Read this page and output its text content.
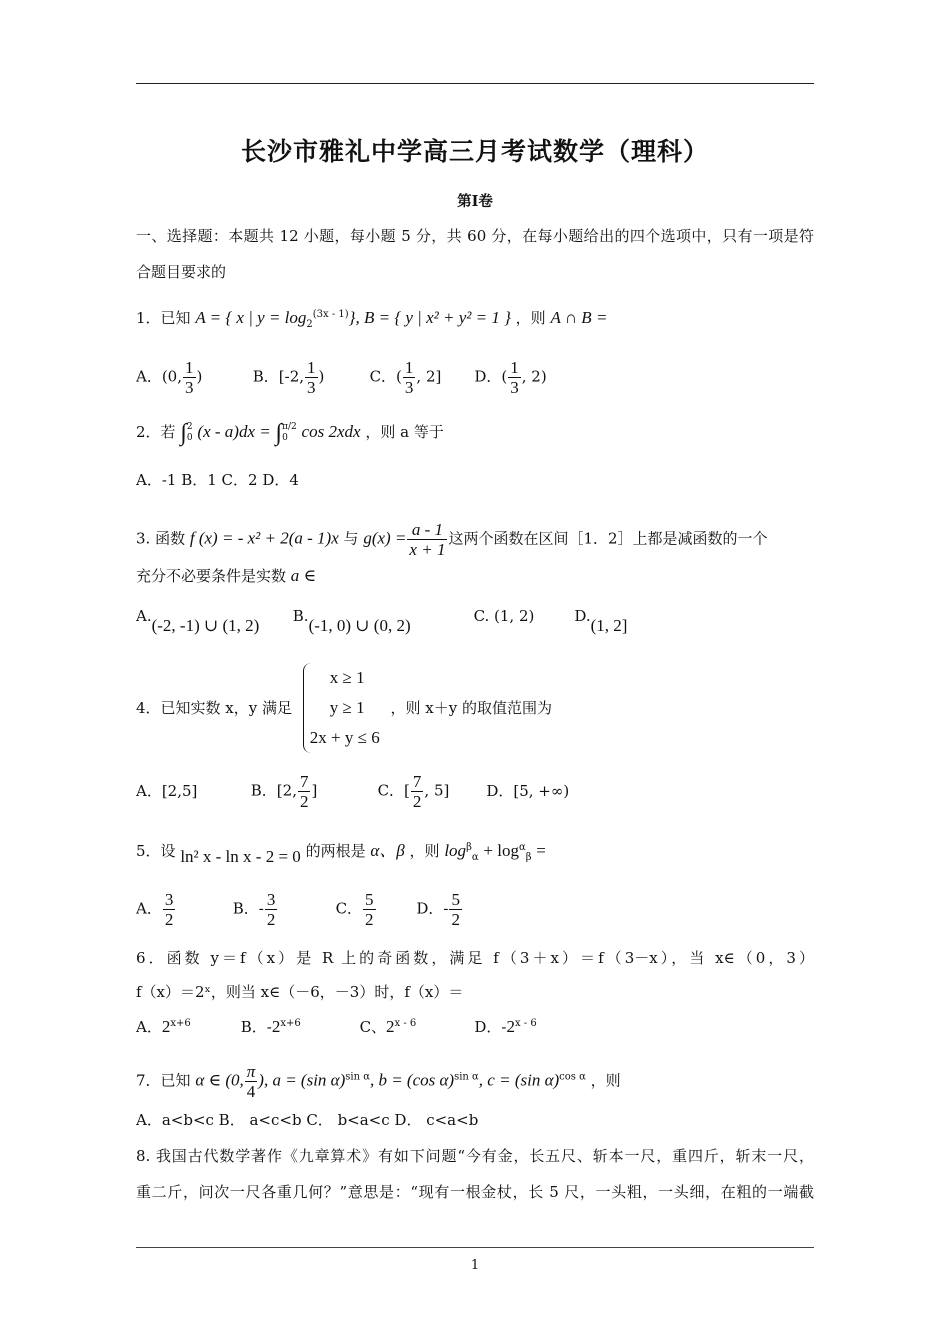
长沙市雅礼中学高三月考试数学（理科）
第Ⅰ卷
一、选择题：本题共 12 小题，每小题 5 分，共 60 分，在每小题给出的四个选项中，只有一项是符
合题目要求的
1．已知 A = { x | $y = \log_2^{(3x - 1)}$}, B = { y | x² + y² = 1 } ，则 A ∩ B =
A．(0, $\frac{1}{3}$ )	B．[-2, $\frac{1}{3}$ )	C．( $\frac{1}{3}$ , 2] D．( $\frac{1}{3}$ , 2)
2．若 ∫2
0 (x - a)dx = ∫π/2
0 cos 2xdx ，则 a 等于
A．-1 B．1 C．2 D．4
3. 函数 f (x) = - x² + 2(a - 1)x 与 $g(x) = \frac{a - 1}{x + 1}$ 这两个函数在区间［1．2］上都是减函数的一个
充分不必要条件是实数 a ∈
A.(-2, -1) ∪ (1, 2) B.(-1, 0) ∪ (0, 2)	C. (1, 2)	D.(1, 2]
4．已知实数 x，y 满足
x ≥ 1
y ≥ 1
2x + y ≤ 6
，则 x＋y 的取值范围为
A．[2,5]	B．[2, $\frac{7}{2}$ ]	C．[ $\frac{7}{2}$ , 5] D．[5, +∞)
5．设 ln² x - ln x - 2 = 0 的两根是 α、β ，则 $\log^\beta_\alpha + \log^\alpha_\beta$ =
A． $\frac{3}{2}$	B．- $\frac{3}{2}$	C． $\frac{5}{2}$	D．- $\frac{5}{2}$
6．函数 y＝f（x）是 R 上的奇函数，满足 f（3＋x）＝f（3－x），当 x∈（0，3）
f（x）＝2ˣ，则当 x∈（－6，－3）时，f（x）＝
A．$2^{x+6}$	B．$-2^{x+6}$	C、2$^{x - 6}$	D．-2$^{x - 6}$
7．已知 α ∈ (0, $\frac{\pi}{4}$ ), a = (sin α)$^{sin \alpha}$, b = (cos α)$^{sin \alpha}$, c = (sin α)$^{cos \alpha}$ ，则
A．a<b<c B． a<c<b C． b<a<c D． c<a<b
8. 我国古代数学著作《九章算术》有如下问题“今有金，长五尺、斩本一尺，重四斤，斩末一尺，
重二斤，问次一尺各重几何？”意思是：“现有一根金杖，长 5 尺，一头粗，一头细，在粗的一端截
1
